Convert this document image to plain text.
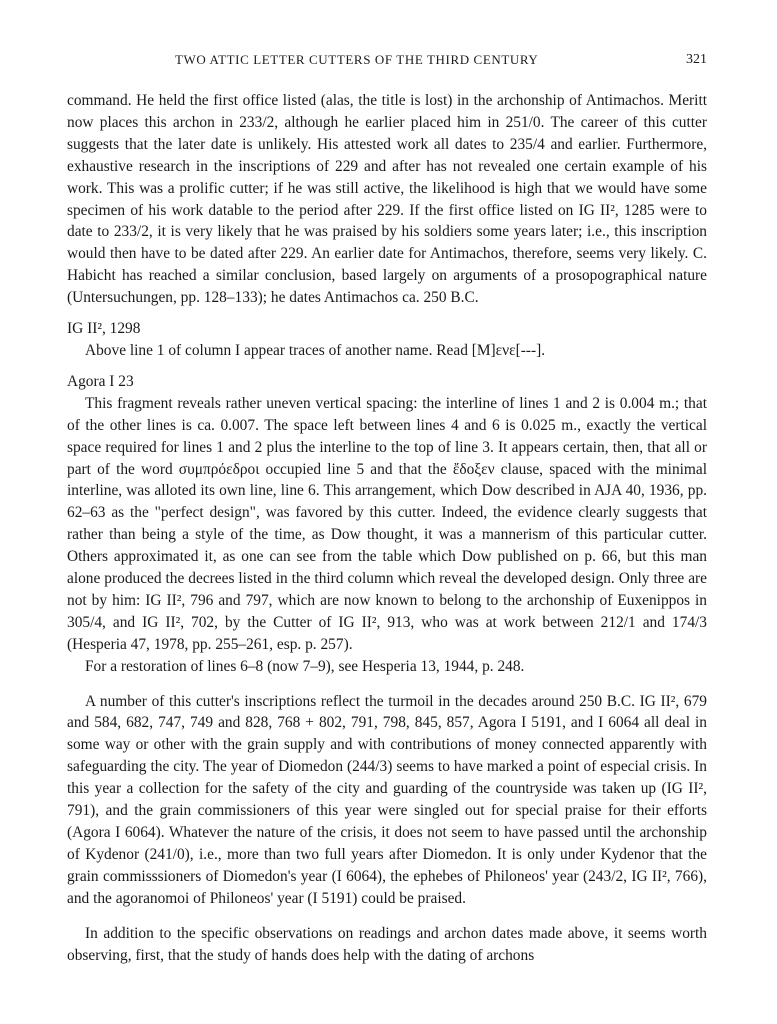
TWO ATTIC LETTER CUTTERS OF THE THIRD CENTURY	321

command. He held the first office listed (alas, the title is lost) in the archonship of Antimachos. Meritt now places this archon in 233/2, although he earlier placed him in 251/0. The career of this cutter suggests that the later date is unlikely. His attested work all dates to 235/4 and earlier. Furthermore, exhaustive research in the inscriptions of 229 and after has not revealed one certain example of his work. This was a prolific cutter; if he was still active, the likelihood is high that we would have some specimen of his work datable to the period after 229. If the first office listed on IG II², 1285 were to date to 233/2, it is very likely that he was praised by his soldiers some years later; i.e., this inscription would then have to be dated after 229. An earlier date for Antimachos, therefore, seems very likely. C. Habicht has reached a similar conclusion, based largely on arguments of a prosopographical nature (Untersuchungen, pp. 128–133); he dates Antimachos ca. 250 B.C.

IG II², 1298

Above line 1 of column I appear traces of another name. Read [M]ενε[---].

Agora I 23

This fragment reveals rather uneven vertical spacing: the interline of lines 1 and 2 is 0.004 m.; that of the other lines is ca. 0.007. The space left between lines 4 and 6 is 0.025 m., exactly the vertical space required for lines 1 and 2 plus the interline to the top of line 3. It appears certain, then, that all or part of the word συμπρόεδροι occupied line 5 and that the ἔδοξεν clause, spaced with the minimal interline, was alloted its own line, line 6. This arrangement, which Dow described in AJA 40, 1936, pp. 62–63 as the "perfect design", was favored by this cutter. Indeed, the evidence clearly suggests that rather than being a style of the time, as Dow thought, it was a mannerism of this particular cutter. Others approximated it, as one can see from the table which Dow published on p. 66, but this man alone produced the decrees listed in the third column which reveal the developed design. Only three are not by him: IG II², 796 and 797, which are now known to belong to the archonship of Euxenippos in 305/4, and IG II², 702, by the Cutter of IG II², 913, who was at work between 212/1 and 174/3 (Hesperia 47, 1978, pp. 255–261, esp. p. 257).

For a restoration of lines 6–8 (now 7–9), see Hesperia 13, 1944, p. 248.

A number of this cutter's inscriptions reflect the turmoil in the decades around 250 B.C. IG II², 679 and 584, 682, 747, 749 and 828, 768 + 802, 791, 798, 845, 857, Agora I 5191, and I 6064 all deal in some way or other with the grain supply and with contributions of money connected apparently with safeguarding the city. The year of Diomedon (244/3) seems to have marked a point of especial crisis. In this year a collection for the safety of the city and guarding of the countryside was taken up (IG II², 791), and the grain commissioners of this year were singled out for special praise for their efforts (Agora I 6064). Whatever the nature of the crisis, it does not seem to have passed until the archonship of Kydenor (241/0), i.e., more than two full years after Diomedon. It is only under Kydenor that the grain commisssioners of Diomedon's year (I 6064), the ephebes of Philoneos' year (243/2, IG II², 766), and the agoranomoi of Philoneos' year (I 5191) could be praised.

In addition to the specific observations on readings and archon dates made above, it seems worth observing, first, that the study of hands does help with the dating of archons
